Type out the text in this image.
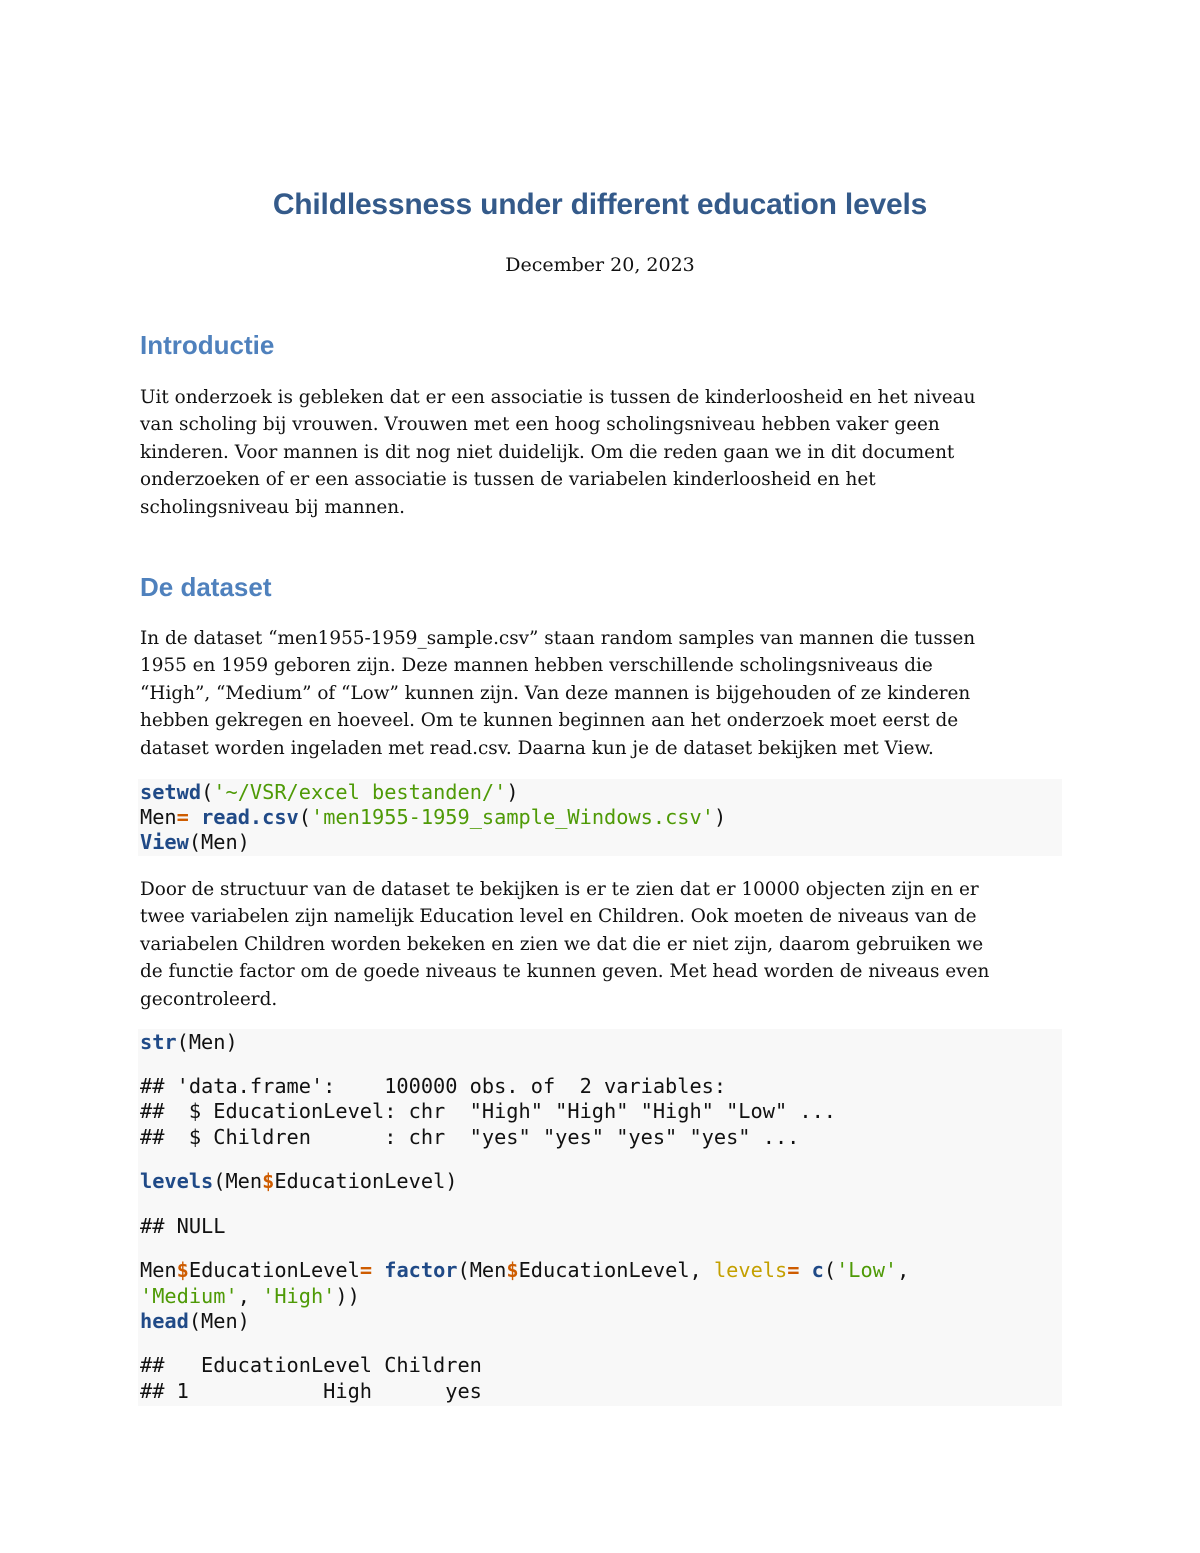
Childlessness under different education levels
December 20, 2023
Introductie
Uit onderzoek is gebleken dat er een associatie is tussen de kinderloosheid en het niveau
van scholing bij vrouwen. Vrouwen met een hoog scholingsniveau hebben vaker geen
kinderen. Voor mannen is dit nog niet duidelijk. Om die reden gaan we in dit document
onderzoeken of er een associatie is tussen de variabelen kinderloosheid en het
scholingsniveau bij mannen.
De dataset
In de dataset “men1955-1959_sample.csv” staan random samples van mannen die tussen
1955 en 1959 geboren zijn. Deze mannen hebben verschillende scholingsniveaus die
“High”, “Medium” of “Low” kunnen zijn. Van deze mannen is bijgehouden of ze kinderen
hebben gekregen en hoeveel. Om te kunnen beginnen aan het onderzoek moet eerst de
dataset worden ingeladen met read.csv. Daarna kun je de dataset bekijken met View.
setwd('~/VSR/excel bestanden/')
Men= read.csv('men1955-1959_sample_Windows.csv')
View(Men)
Door de structuur van de dataset te bekijken is er te zien dat er 10000 objecten zijn en er
twee variabelen zijn namelijk Education level en Children. Ook moeten de niveaus van de
variabelen Children worden bekeken en zien we dat die er niet zijn, daarom gebruiken we
de functie factor om de goede niveaus te kunnen geven. Met head worden de niveaus even
gecontroleerd.
str(Men)
## 'data.frame':    100000 obs. of  2 variables:
##  $ EducationLevel: chr  "High" "High" "High" "Low" ...
##  $ Children      : chr  "yes" "yes" "yes" "yes" ...
levels(Men$EducationLevel)
## NULL
Men$EducationLevel= factor(Men$EducationLevel, levels= c('Low',
'Medium', 'High'))
head(Men)
##   EducationLevel Children
## 1           High      yes
